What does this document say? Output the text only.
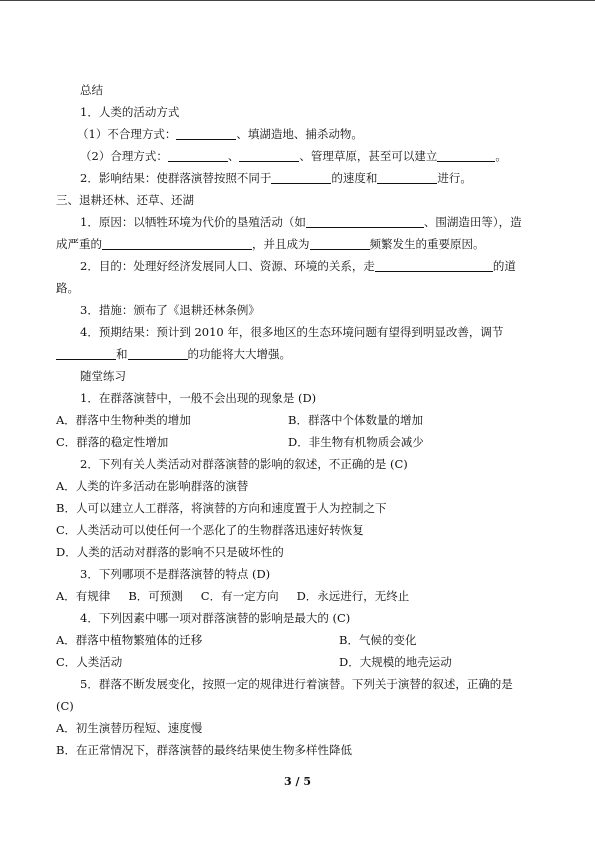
总结
1．人类的活动方式
（1）不合理方式：	、填湖造地、捕杀动物。
（2）合理方式：	、	、管理草原，甚至可以建立	。
2．影响结果：使群落演替按照不同于	的速度和	进行。
三、退耕还林、还草、还湖
1．原因：以牺牲环境为代价的垦殖活动（如	、围湖造田等），造
成严重的	，并且成为	频繁发生的重要原因。
2．目的：处理好经济发展同人口、资源、环境的关系，走	的道
路。
3．措施：颁布了《退耕还林条例》
4．预期结果：预计到 2010 年，很多地区的生态环境问题有望得到明显改善，调节
和	的功能将大大增强。
随堂练习
1．在群落演替中，一般不会出现的现象是 (D)
A．群落中生物种类的增加	B．群落中个体数量的增加
C．群落的稳定性增加	D．非生物有机物质会减少
2．下列有关人类活动对群落演替的影响的叙述，不正确的是 (C)
A．人类的许多活动在影响群落的演替
B．人可以建立人工群落，将演替的方向和速度置于人为控制之下
C．人类活动可以使任何一个恶化了的生物群落迅速好转恢复
D．人类的活动对群落的影响不只是破坏性的
3．下列哪项不是群落演替的特点 (D)
A．有规律 B．可预测 C．有一定方向 D．永远进行，无终止
4．下列因素中哪一项对群落演替的影响是最大的 (C)
A．群落中植物繁殖体的迁移	B．气候的变化
C．人类活动	D．大规模的地壳运动
5．群落不断发展变化，按照一定的规律进行着演替。下列关于演替的叙述，正确的是
(C)
A．初生演替历程短、速度慢
B．在正常情况下，群落演替的最终结果使生物多样性降低
3 / 5
